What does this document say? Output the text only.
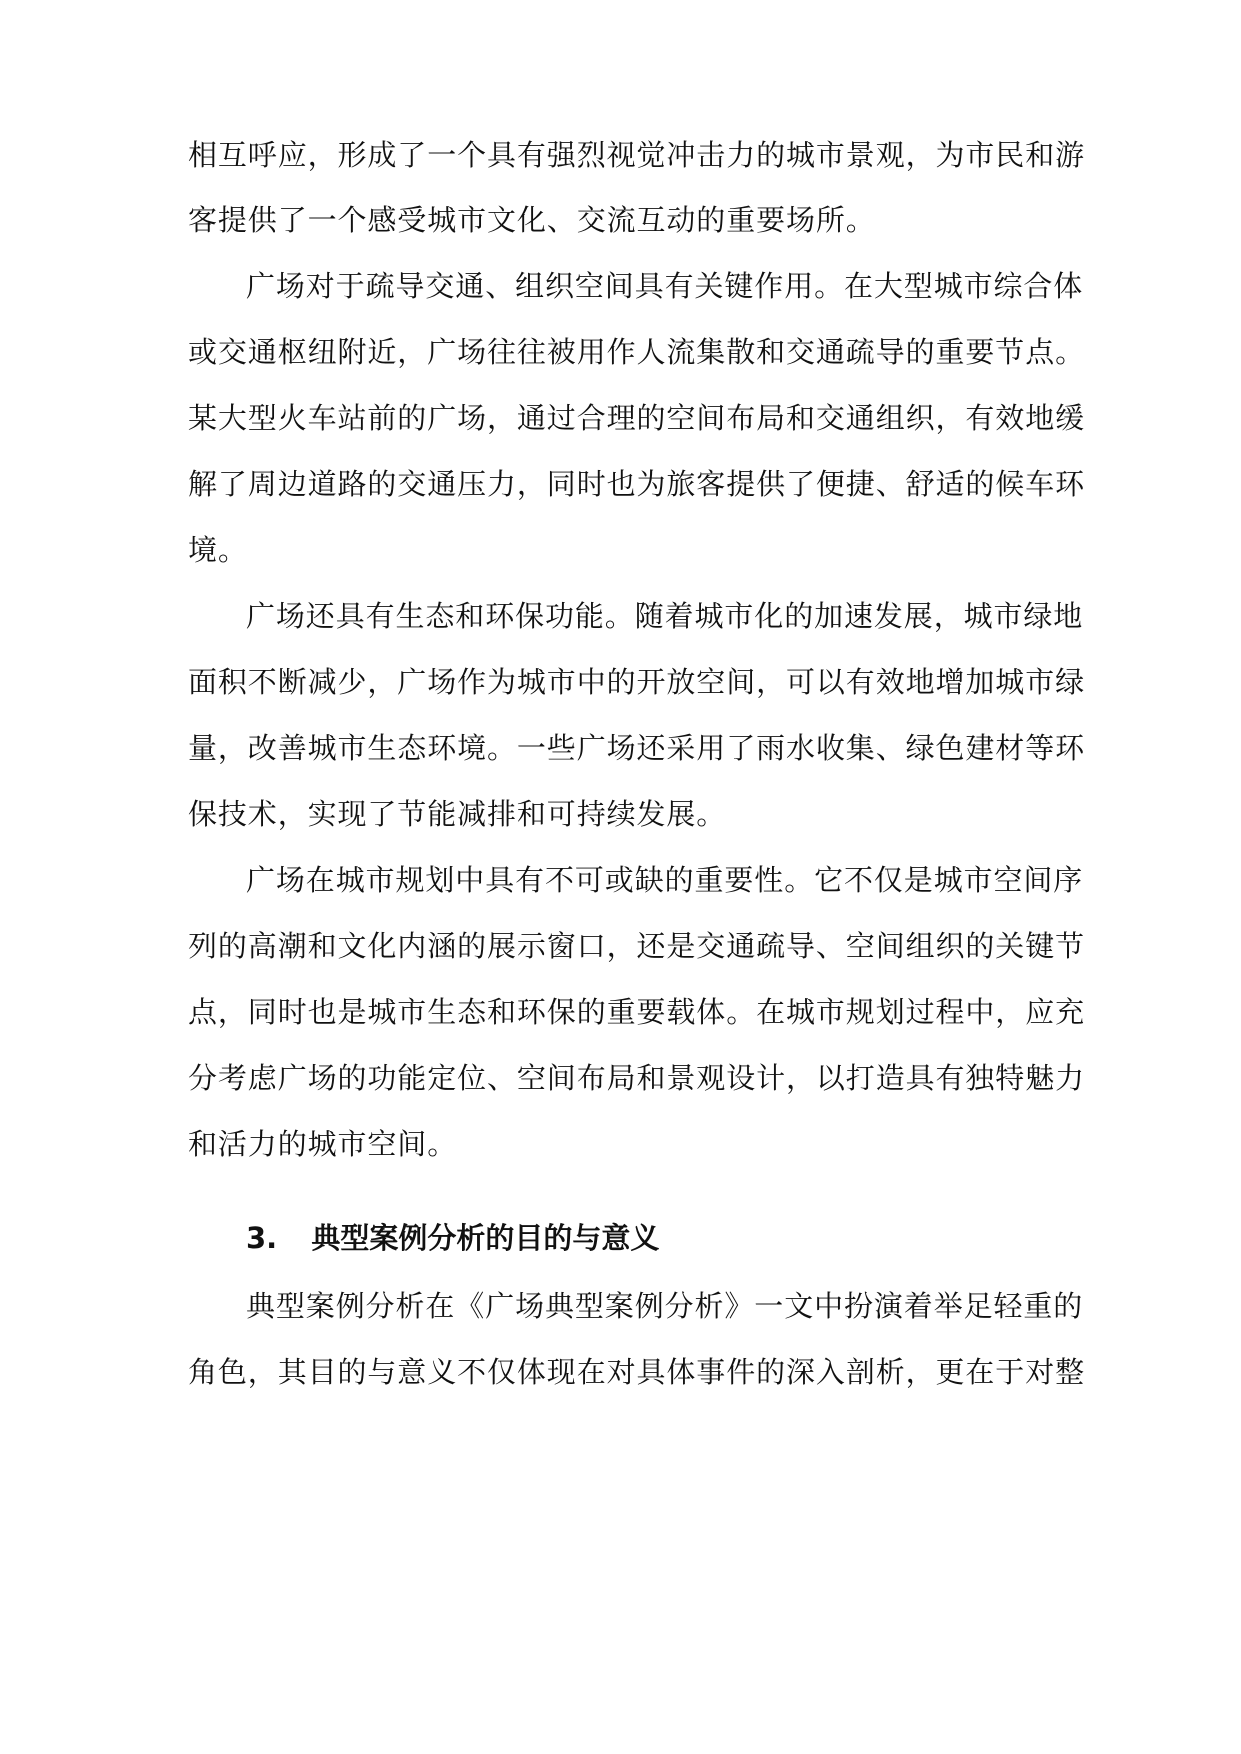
相互呼应，形成了一个具有强烈视觉冲击力的城市景观，为市民和游
客提供了一个感受城市文化、交流互动的重要场所。
广场对于疏导交通、组织空间具有关键作用。在大型城市综合体
或交通枢纽附近，广场往往被用作人流集散和交通疏导的重要节点。
某大型火车站前的广场，通过合理的空间布局和交通组织，有效地缓
解了周边道路的交通压力，同时也为旅客提供了便捷、舒适的候车环
境。
广场还具有生态和环保功能。随着城市化的加速发展，城市绿地
面积不断减少，广场作为城市中的开放空间，可以有效地增加城市绿
量，改善城市生态环境。一些广场还采用了雨水收集、绿色建材等环
保技术，实现了节能减排和可持续发展。
广场在城市规划中具有不可或缺的重要性。它不仅是城市空间序
列的高潮和文化内涵的展示窗口，还是交通疏导、空间组织的关键节
点，同时也是城市生态和环保的重要载体。在城市规划过程中，应充
分考虑广场的功能定位、空间布局和景观设计，以打造具有独特魅力
和活力的城市空间。
3. 典型案例分析的目的与意义
典型案例分析在《广场典型案例分析》一文中扮演着举足轻重的
角色，其目的与意义不仅体现在对具体事件的深入剖析，更在于对整
